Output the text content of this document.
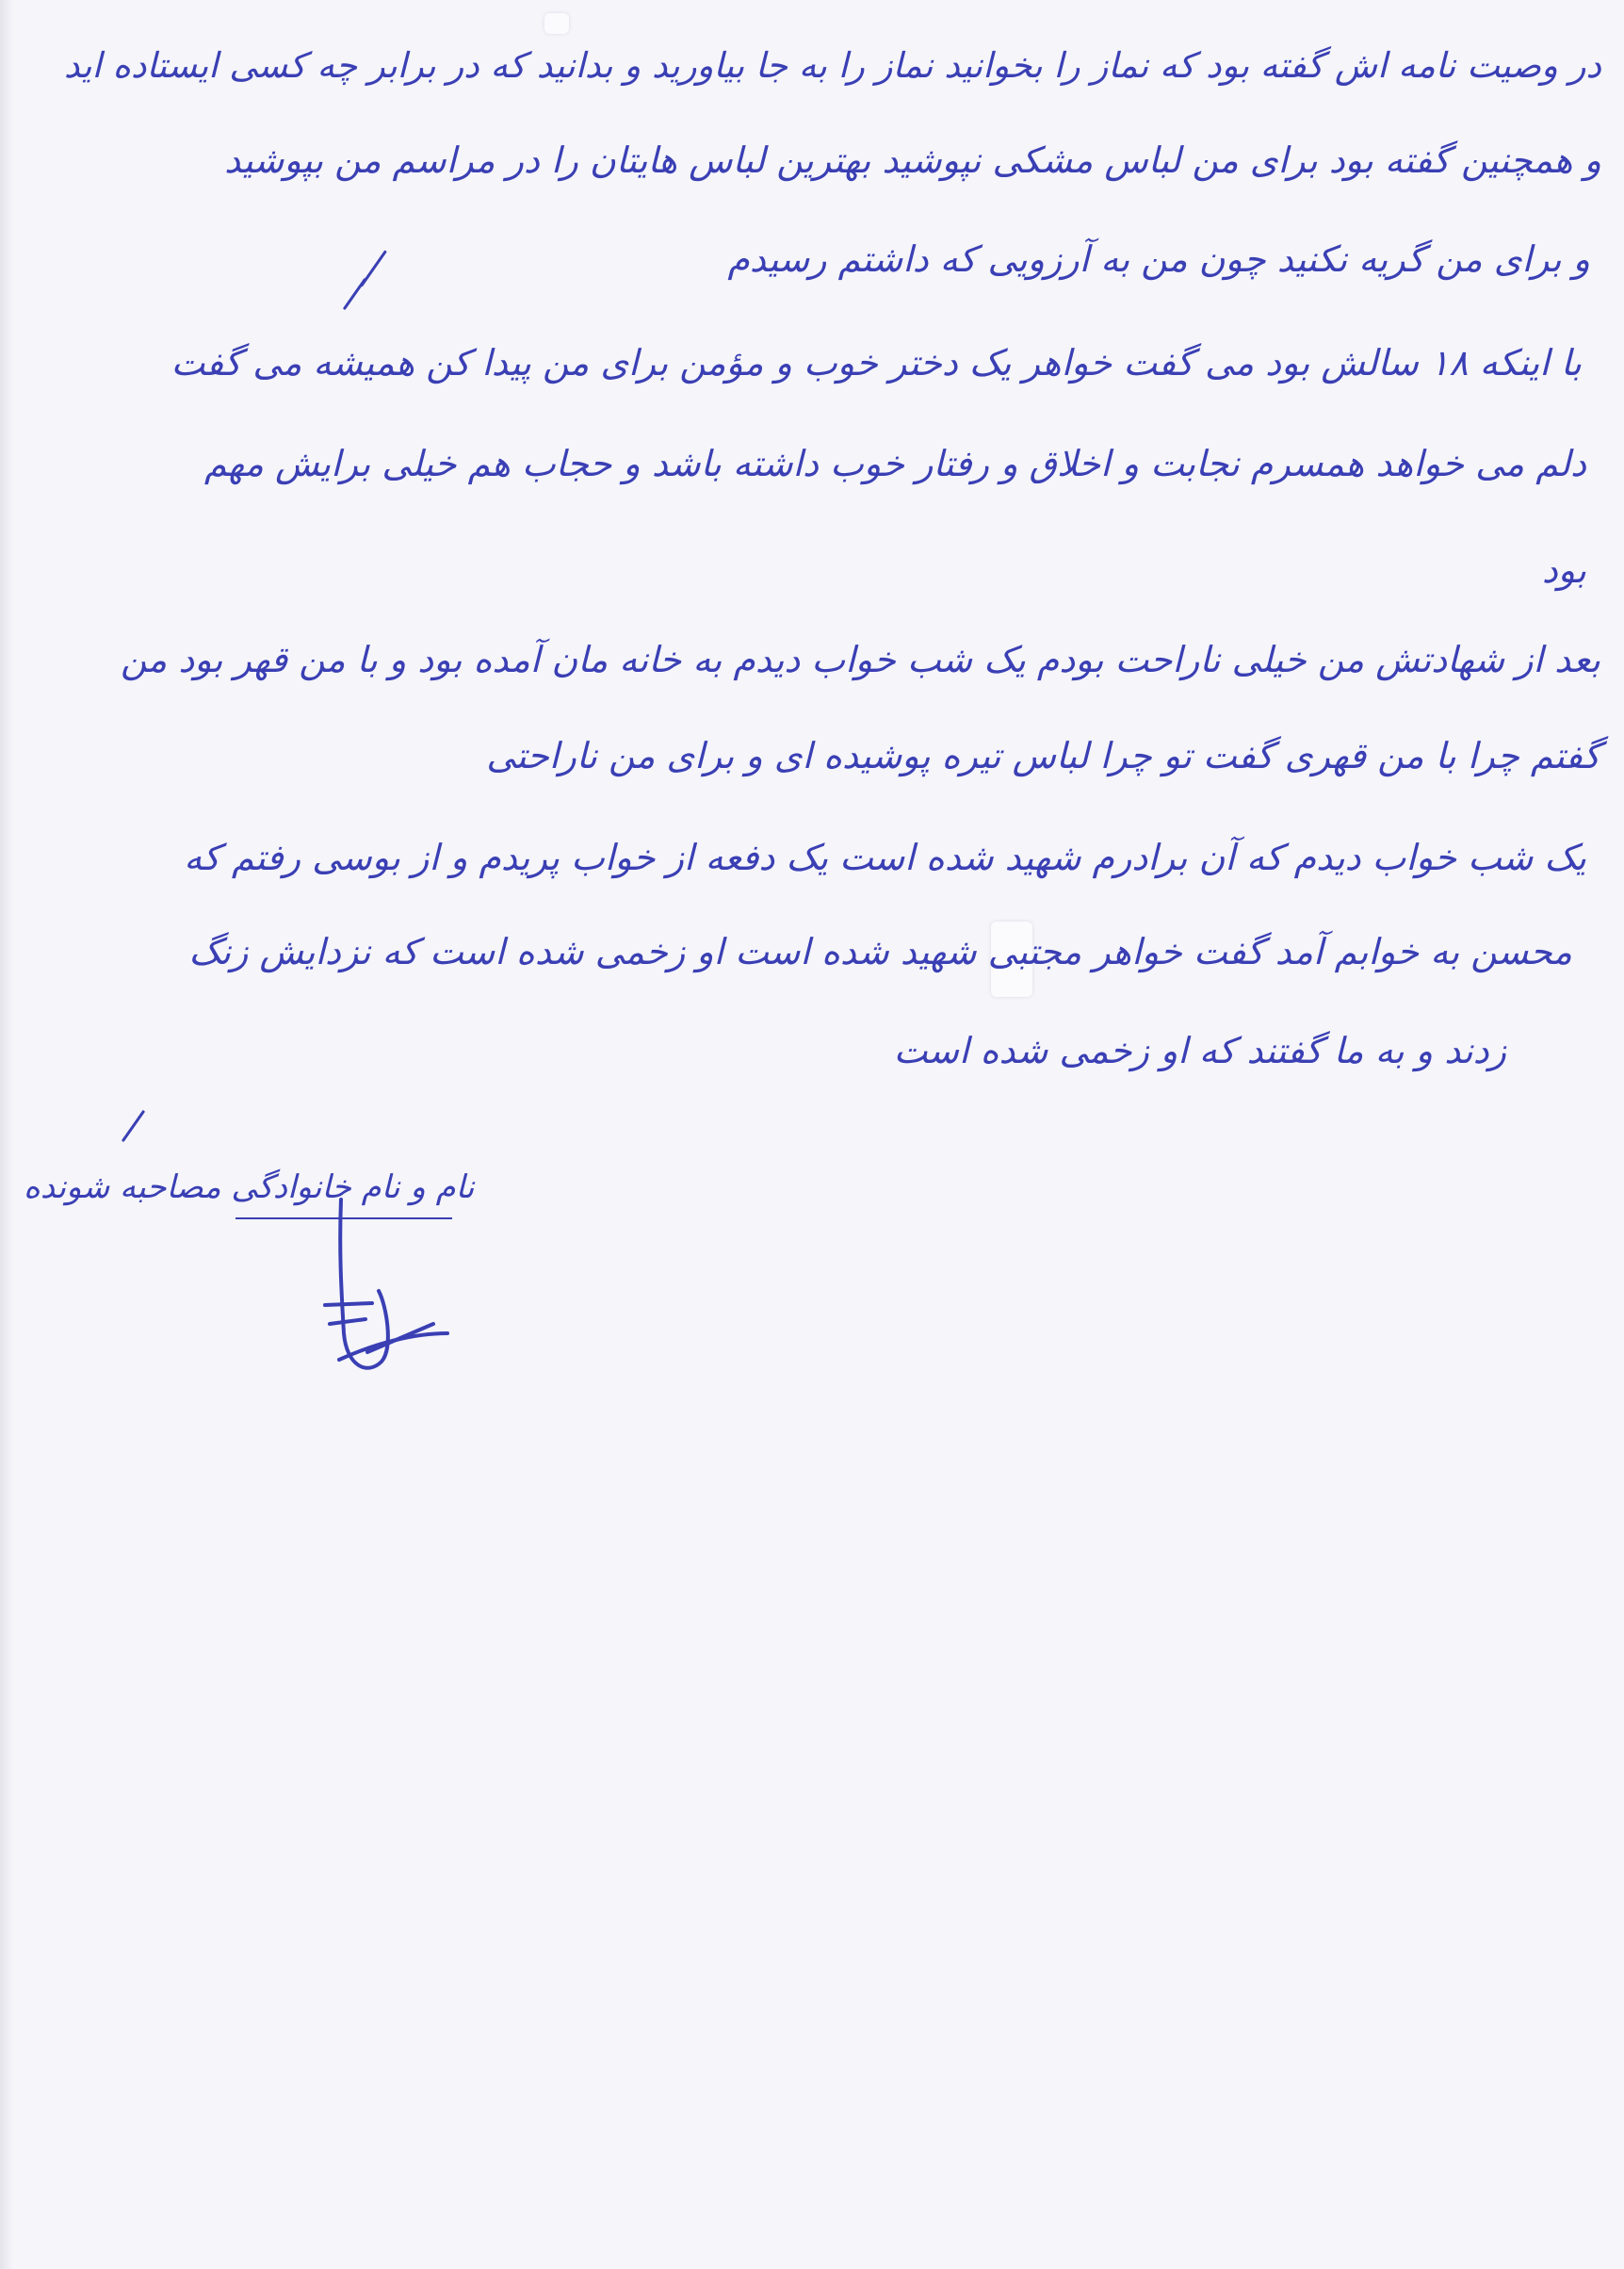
در وصیت نامه اش گفته بود که نماز را بخوانید نماز را به جا بیاورید و بدانید که در برابر چه کسی ایستاده اید
و همچنین گفته بود برای من لباس مشکی نپوشید بهترین لباس هایتان را در مراسم من بپوشید
و برای من گریه نکنید چون من به آرزویی که داشتم رسیدم
با اینکه ۱۸ سالش بود می گفت خواهر یک دختر خوب و مؤمن برای من پیدا کن همیشه می گفت
دلم می خواهد همسرم نجابت و اخلاق و رفتار خوب داشته باشد و حجاب هم خیلی برایش مهم
بود
بعد از شهادتش من خیلی ناراحت بودم یک شب خواب دیدم به خانه مان آمده بود و با من قهر بود من
گفتم چرا با من قهری گفت تو چرا لباس تیره پوشیده ای و برای من ناراحتی
یک شب خواب دیدم که آن برادرم شهید شده است یک دفعه از خواب پریدم و از بوسی رفتم که
محسن به خوابم آمد گفت خواهر مجتبی شهید شده است او زخمی شده است که نزدایش زنگ
زدند و به ما گفتند که او زخمی شده است
نام و نام خانوادگی مصاحبه شونده
